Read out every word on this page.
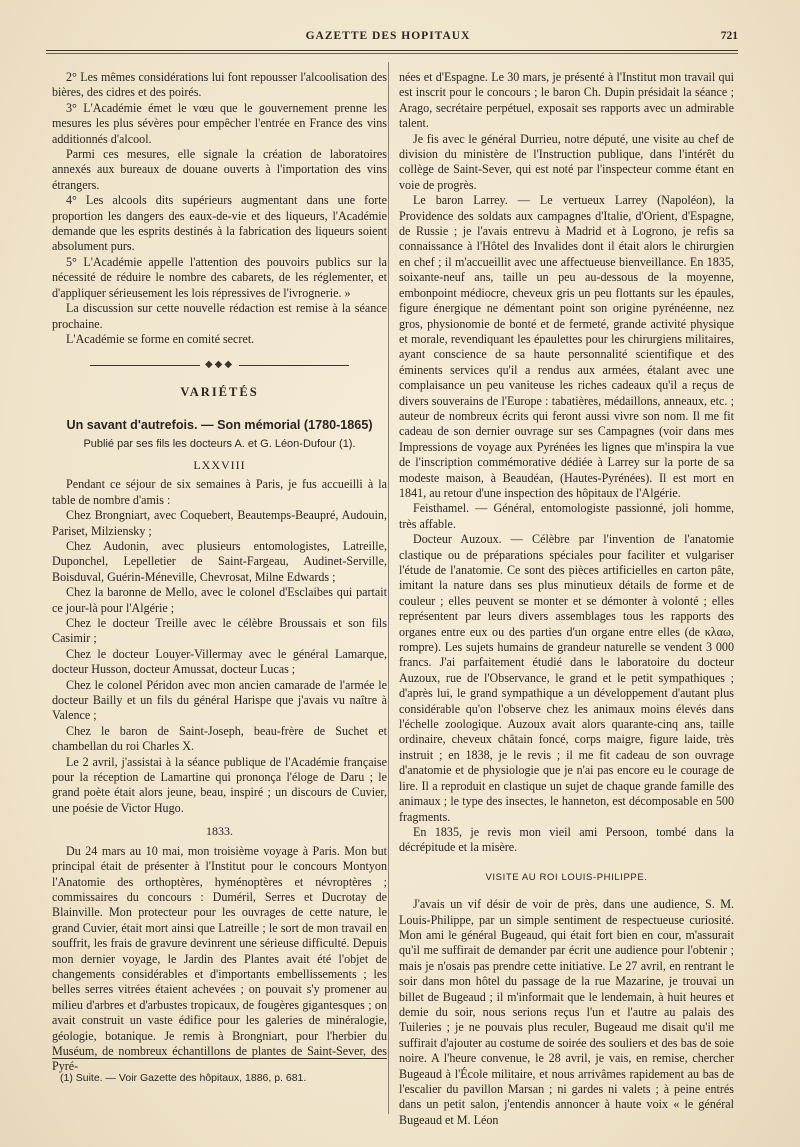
GAZETTE DES HOPITAUX	721

2° Les mêmes considérations lui font repousser l'alcoolisation des bières, des cidres et des poirés.

3° L'Académie émet le vœu que le gouvernement prenne les mesures les plus sévères pour empêcher l'entrée en France des vins additionnés d'alcool.

Parmi ces mesures, elle signale la création de laboratoires annexés aux bureaux de douane ouverts à l'importation des vins étrangers.

4° Les alcools dits supérieurs augmentant dans une forte proportion les dangers des eaux-de-vie et des liqueurs, l'Académie demande que les esprits destinés à la fabrication des liqueurs soient absolument purs.

5° L'Académie appelle l'attention des pouvoirs publics sur la nécessité de réduire le nombre des cabarets, de les réglementer, et d'appliquer sérieusement les lois répressives de l'ivrognerie. »

La discussion sur cette nouvelle rédaction est remise à la séance prochaine.

L'Académie se forme en comité secret.

◆◆◆
VARIÉTÉS
Un savant d'autrefois. — Son mémorial (1780-1865)
Publié par ses fils les docteurs A. et G. Léon-Dufour (1).
LXXVIII

Pendant ce séjour de six semaines à Paris, je fus accueilli à la table de nombre d'amis :

Chez Brongniart, avec Coquebert, Beautemps-Beaupré, Audouin, Pariset, Milziensky ;

Chez Audonin, avec plusieurs entomologistes, Latreille, Duponchel, Lepelletier de Saint-Fargeau, Audinet-Serville, Boisduval, Guérin-Méneville, Chevrosat, Milne Edwards ;

Chez la baronne de Mello, avec le colonel d'Esclaibes qui partait ce jour-là pour l'Algérie ;

Chez le docteur Treille avec le célèbre Broussais et son fils Casimir ;

Chez le docteur Louyer-Villermay avec le général Lamarque, docteur Husson, docteur Amussat, docteur Lucas ;

Chez le colonel Péridon avec mon ancien camarade de l'armée le docteur Bailly et un fils du général Harispe que j'avais vu naître à Valence ;

Chez le baron de Saint-Joseph, beau-frère de Suchet et chambellan du roi Charles X.

Le 2 avril, j'assistai à la séance publique de l'Académie française pour la réception de Lamartine qui prononça l'éloge de Daru ; le grand poète était alors jeune, beau, inspiré ; un discours de Cuvier, une poésie de Victor Hugo.

1833.

Du 24 mars au 10 mai, mon troisième voyage à Paris. Mon but principal était de présenter à l'Institut pour le concours Montyon l'Anatomie des orthoptères, hyménoptères et névroptères ; commissaires du concours : Duméril, Serres et Ducrotay de Blainville. Mon protecteur pour les ouvrages de cette nature, le grand Cuvier, était mort ainsi que Latreille ; le sort de mon travail en souffrit, les frais de gravure devinrent une sérieuse difficulté. Depuis mon dernier voyage, le Jardin des Plantes avait été l'objet de changements considérables et d'importants embellissements ; les belles serres vitrées étaient achevées ; on pouvait s'y promener au milieu d'arbres et d'arbustes tropicaux, de fougères gigantesques ; on avait construit un vaste édifice pour les galeries de minéralogie, géologie, botanique. Je remis à Brongniart, pour l'herbier du Muséum, de nombreux échantillons de plantes de Saint-Sever, des Pyré-

(1) Suite. — Voir Gazette des hôpitaux, 1886, p. 681.

nées et d'Espagne. Le 30 mars, je présenté à l'Institut mon travail qui est inscrit pour le concours ; le baron Ch. Dupin présidait la séance ; Arago, secrétaire perpétuel, exposait ses rapports avec un admirable talent.

Je fis avec le général Durrieu, notre député, une visite au chef de division du ministère de l'Instruction publique, dans l'intérêt du collège de Saint-Sever, qui est noté par l'inspecteur comme étant en voie de progrès.

Le baron Larrey. — Le vertueux Larrey (Napoléon), la Providence des soldats aux campagnes d'Italie, d'Orient, d'Espagne, de Russie ; je l'avais entrevu à Madrid et à Logrono, je refis sa connaissance à l'Hôtel des Invalides dont il était alors le chirurgien en chef ; il m'accueillit avec une affectueuse bienveillance. En 1835, soixante-neuf ans, taille un peu au-dessous de la moyenne, embonpoint médiocre, cheveux gris un peu flottants sur les épaules, figure énergique ne démentant point son origine pyrénéenne, nez gros, physionomie de bonté et de fermeté, grande activité physique et morale, revendiquant les épaulettes pour les chirurgiens militaires, ayant conscience de sa haute personnalité scientifique et des éminents services qu'il a rendus aux armées, étalant avec une complaisance un peu vaniteuse les riches cadeaux qu'il a reçus de divers souverains de l'Europe : tabatières, médaillons, anneaux, etc. ; auteur de nombreux écrits qui feront aussi vivre son nom. Il me fit cadeau de son dernier ouvrage sur ses Campagnes (voir dans mes Impressions de voyage aux Pyrénées les lignes que m'inspira la vue de l'inscription commémorative dédiée à Larrey sur la porte de sa modeste maison, à Beaudéan, (Hautes-Pyrénées). Il est mort en 1841, au retour d'une inspection des hôpitaux de l'Algérie.

Feisthamel. — Général, entomologiste passionné, joli homme, très affable.

Docteur Auzoux. — Célèbre par l'invention de l'anatomie clastique ou de préparations spéciales pour faciliter et vulgariser l'étude de l'anatomie. Ce sont des pièces artificielles en carton pâte, imitant la nature dans ses plus minutieux détails de forme et de couleur ; elles peuvent se monter et se démonter à volonté ; elles représentent par leurs divers assemblages tous les rapports des organes entre eux ou des parties d'un organe entre elles (de κλαω, rompre). Les sujets humains de grandeur naturelle se vendent 3 000 francs. J'ai parfaitement étudié dans le laboratoire du docteur Auzoux, rue de l'Observance, le grand et le petit sympathiques ; d'après lui, le grand sympathique a un développement d'autant plus considérable qu'on l'observe chez les animaux moins élevés dans l'échelle zoologique. Auzoux avait alors quarante-cinq ans, taille ordinaire, cheveux châtain foncé, corps maigre, figure laide, très instruit ; en 1838, je le revis ; il me fit cadeau de son ouvrage d'anatomie et de physiologie que je n'ai pas encore eu le courage de lire. Il a reproduit en clastique un sujet de chaque grande famille des animaux ; le type des insectes, le hanneton, est décomposable en 500 fragments.

En 1835, je revis mon vieil ami Persoon, tombé dans la décrépitude et la misère.

VISITE AU ROI LOUIS-PHILIPPE.

J'avais un vif désir de voir de près, dans une audience, S. M. Louis-Philippe, par un simple sentiment de respectueuse curiosité. Mon ami le général Bugeaud, qui était fort bien en cour, m'assurait qu'il me suffirait de demander par écrit une audience pour l'obtenir ; mais je n'osais pas prendre cette initiative. Le 27 avril, en rentrant le soir dans mon hôtel du passage de la rue Mazarine, je trouvai un billet de Bugeaud ; il m'informait que le lendemain, à huit heures et demie du soir, nous serions reçus l'un et l'autre au palais des Tuileries ; je ne pouvais plus reculer, Bugeaud me disait qu'il me suffirait d'ajouter au costume de soirée des souliers et des bas de soie noire. A l'heure convenue, le 28 avril, je vais, en remise, chercher Bugeaud à l'École militaire, et nous arrivâmes rapidement au bas de l'escalier du pavillon Marsan ; ni gardes ni valets ; à peine entrés dans un petit salon, j'entendis annoncer à haute voix « le général Bugeaud et M. Léon
